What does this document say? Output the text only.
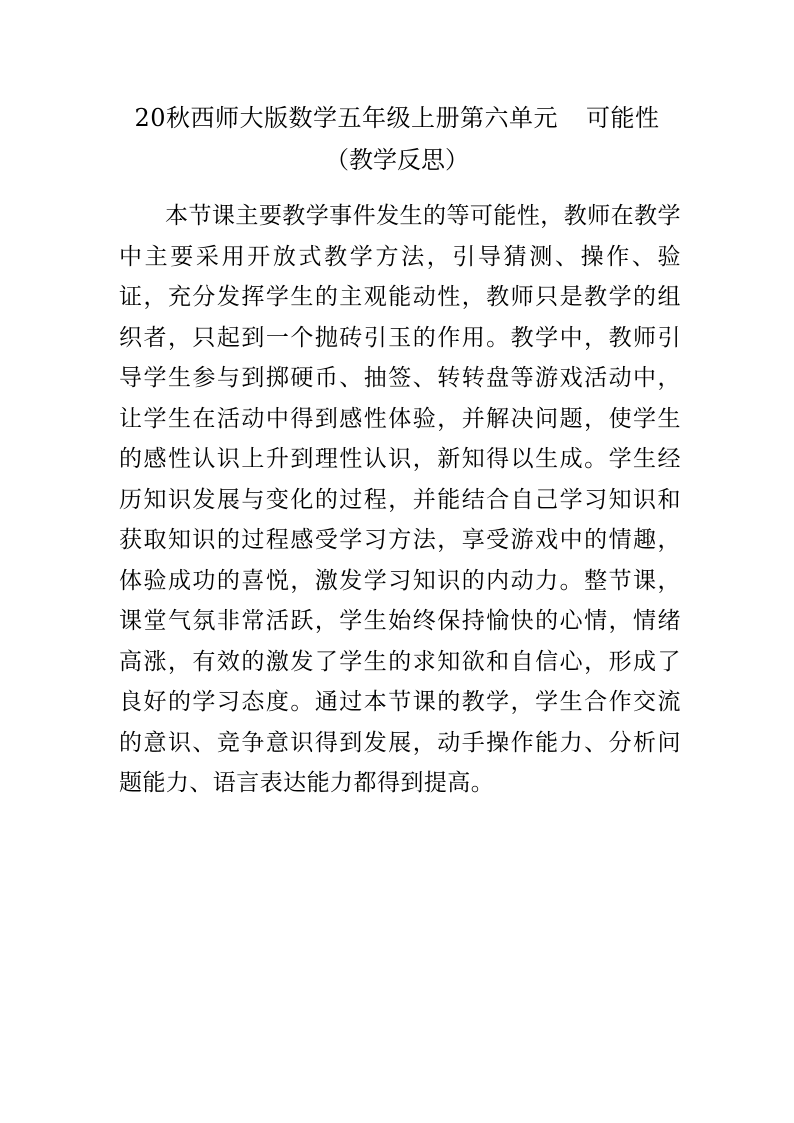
20秋西师大版数学五年级上册第六单元 可能性
（教学反思）

本节课主要教学事件发生的等可能性，教师在教学中主要采用开放式教学方法，引导猜测、操作、验证，充分发挥学生的主观能动性，教师只是教学的组织者，只起到一个抛砖引玉的作用。教学中，教师引导学生参与到掷硬币、抽签、转转盘等游戏活动中，让学生在活动中得到感性体验，并解决问题，使学生的感性认识上升到理性认识，新知得以生成。学生经历知识发展与变化的过程，并能结合自己学习知识和获取知识的过程感受学习方法，享受游戏中的情趣，体验成功的喜悦，激发学习知识的内动力。整节课，课堂气氛非常活跃，学生始终保持愉快的心情，情绪高涨，有效的激发了学生的求知欲和自信心，形成了良好的学习态度。通过本节课的教学，学生合作交流的意识、竞争意识得到发展，动手操作能力、分析问题能力、语言表达能力都得到提高。
